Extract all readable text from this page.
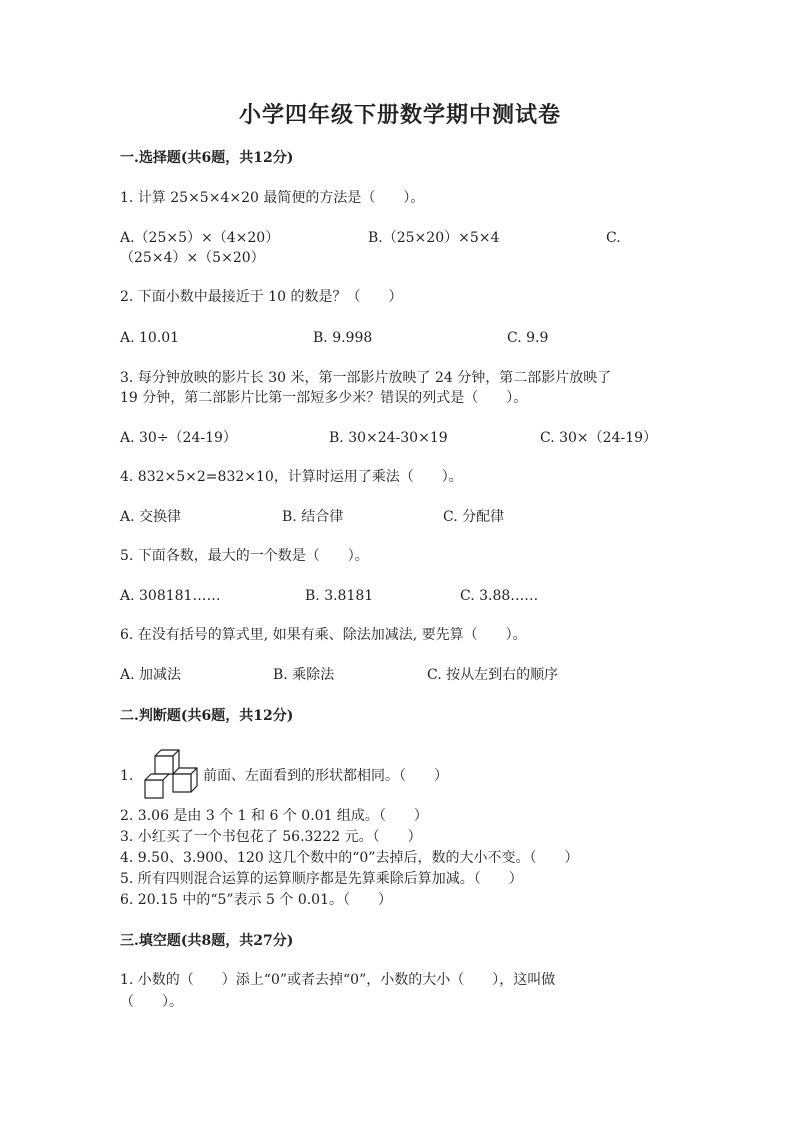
小学四年级下册数学期中测试卷
一.选择题(共6题，共12分)
1. 计算 25×5×4×20 最简便的方法是（　　）。
A.（25×5）×（4×20）	B.（25×20）×5×4	C.
（25×4）×（5×20）
2. 下面小数中最接近于 10 的数是？（　　）
A. 10.01	B. 9.998	C. 9.9
3. 每分钟放映的影片长 30 米，第一部影片放映了 24 分钟，第二部影片放映了
19 分钟，第二部影片比第一部短多少米？错误的列式是（　　）。
A. 30÷（24-19）	B. 30×24-30×19	C. 30×（24-19）
4. 832×5×2=832×10，计算时运用了乘法（　　）。
A. 交换律	B. 结合律	C. 分配律
5. 下面各数，最大的一个数是（　　）。
A. 308181……	B. 3.8181	C. 3.88……
6. 在没有括号的算式里, 如果有乘、除法加减法, 要先算（　　）。
A. 加减法	B. 乘除法	C. 按从左到右的顺序
二.判断题(共6题，共12分)
1.	前面、左面看到的形状都相同。（　　）
2. 3.06 是由 3 个 1 和 6 个 0.01 组成。（　　）
3. 小红买了一个书包花了 56.3222 元。（　　）
4. 9.50、3.900、120 这几个数中的“0”去掉后，数的大小不变。（　　）
5. 所有四则混合运算的运算顺序都是先算乘除后算加减。（　　）
6. 20.15 中的“5”表示 5 个 0.01。（　　）
三.填空题(共8题，共27分)
1. 小数的（　　）添上“0”或者去掉“0”，小数的大小（　　），这叫做
（　　）。
